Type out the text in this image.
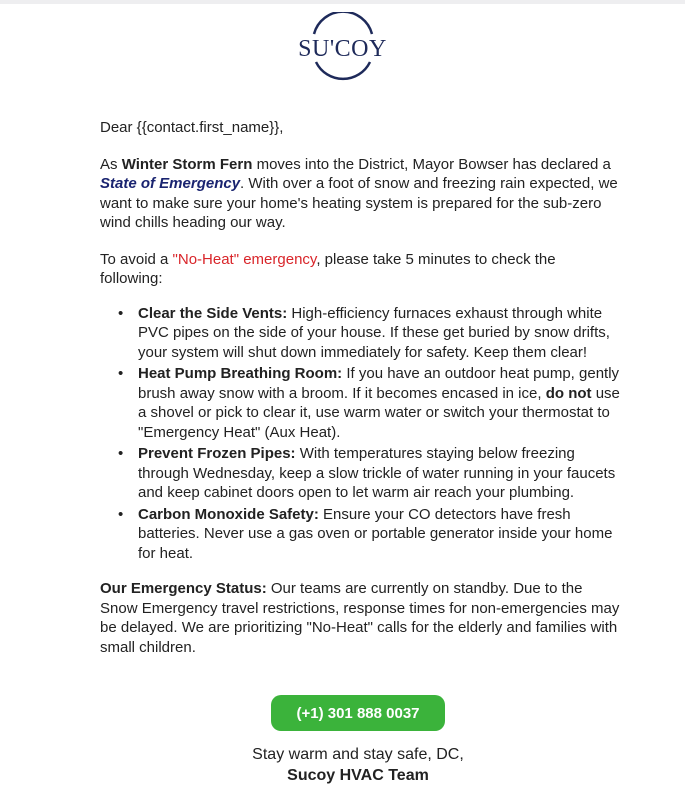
SU'COY

Dear {{contact.first_name}},

As Winter Storm Fern moves into the District, Mayor Bowser has declared a State of Emergency. With over a foot of snow and freezing rain expected, we want to make sure your home's heating system is prepared for the sub-zero wind chills heading our way.

To avoid a "No-Heat" emergency, please take 5 minutes to check the following:

• Clear the Side Vents: High-efficiency furnaces exhaust through white PVC pipes on the side of your house. If these get buried by snow drifts, your system will shut down immediately for safety. Keep them clear!
• Heat Pump Breathing Room: If you have an outdoor heat pump, gently brush away snow with a broom. If it becomes encased in ice, do not use a shovel or pick to clear it, use warm water or switch your thermostat to "Emergency Heat" (Aux Heat).
• Prevent Frozen Pipes: With temperatures staying below freezing through Wednesday, keep a slow trickle of water running in your faucets and keep cabinet doors open to let warm air reach your plumbing.
• Carbon Monoxide Safety: Ensure your CO detectors have fresh batteries. Never use a gas oven or portable generator inside your home for heat.

Our Emergency Status: Our teams are currently on standby. Due to the Snow Emergency travel restrictions, response times for non-emergencies may be delayed. We are prioritizing "No-Heat" calls for the elderly and families with small children.

(+1) 301 888 0037
Stay warm and stay safe, DC,
Sucoy HVAC Team
